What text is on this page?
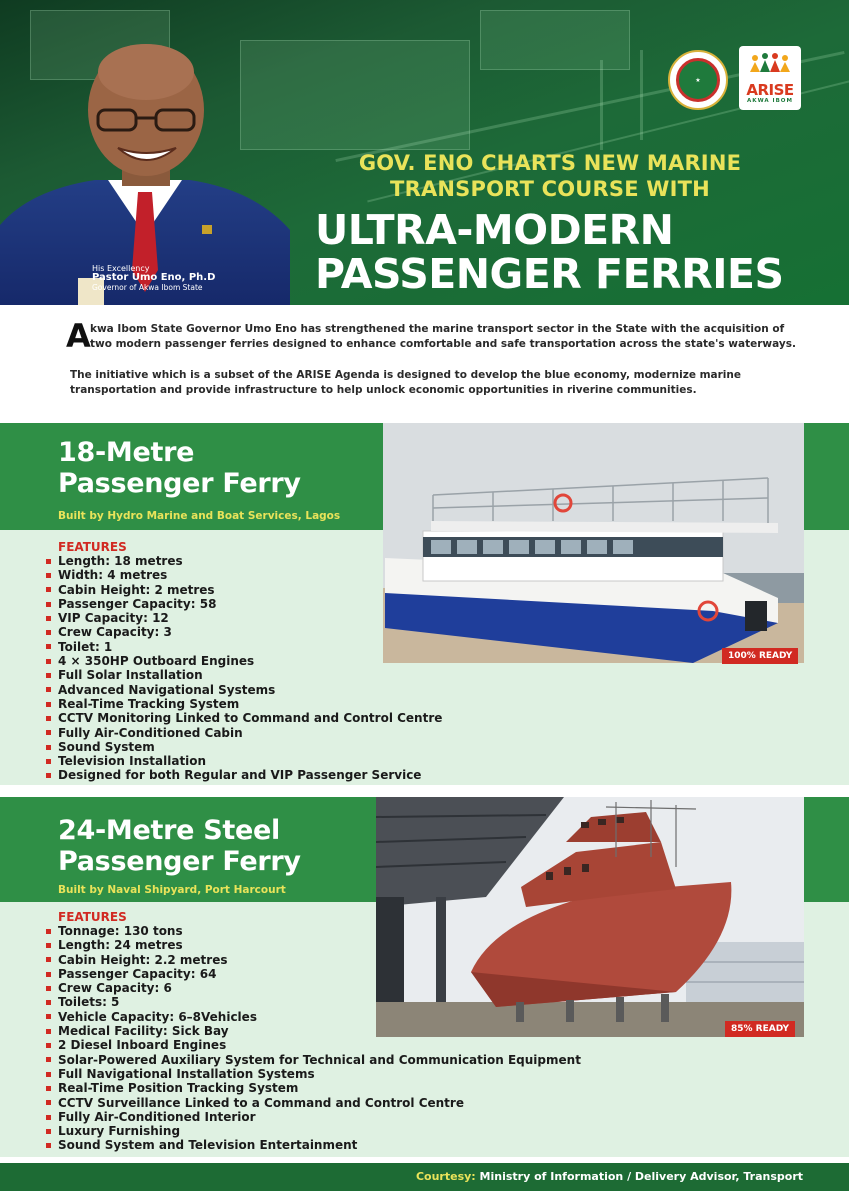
His Excellency
Pastor Umo Eno, Ph.D
Governor of Akwa Ibom State
★
ARISE
AKWA IBOM
GOV. ENO CHARTS NEW MARINE
TRANSPORT COURSE WITH
ULTRA-MODERN
PASSENGER FERRIES
A kwa Ibom State Governor Umo Eno has strengthened the marine transport sector in the State with the acquisition of two modern passenger ferries designed to enhance comfortable and safe transportation across the state's waterways.

The initiative which is a subset of the ARISE Agenda is designed to develop the blue economy, modernize marine transportation and provide infrastructure to help unlock economic opportunities in riverine communities.

18-Metre
Passenger Ferry
Built by Hydro Marine and Boat Services, Lagos
100% READY
FEATURES
Length: 18 metres
Width: 4 metres
Cabin Height: 2 metres
Passenger Capacity: 58
VIP Capacity: 12
Crew Capacity: 3
Toilet: 1
4 × 350HP Outboard Engines
Full Solar Installation
Advanced Navigational Systems
Real-Time Tracking System
CCTV Monitoring Linked to Command and Control Centre
Fully Air-Conditioned Cabin
Sound System
Television Installation
Designed for both Regular and VIP Passenger Service
24-Metre Steel
Passenger Ferry
Built by Naval Shipyard, Port Harcourt
85% READY
FEATURES
Tonnage: 130 tons
Length: 24 metres
Cabin Height: 2.2 metres
Passenger Capacity: 64
Crew Capacity: 6
Toilets: 5
Vehicle Capacity: 6–8Vehicles
Medical Facility: Sick Bay
2 Diesel Inboard Engines
Solar-Powered Auxiliary System for Technical and Communication Equipment
Full Navigational Installation Systems
Real-Time Position Tracking System
CCTV Surveillance Linked to a Command and Control Centre
Fully Air-Conditioned Interior
Luxury Furnishing
Sound System and Television Entertainment
Courtesy: Ministry of Information / Delivery Advisor, Transport
